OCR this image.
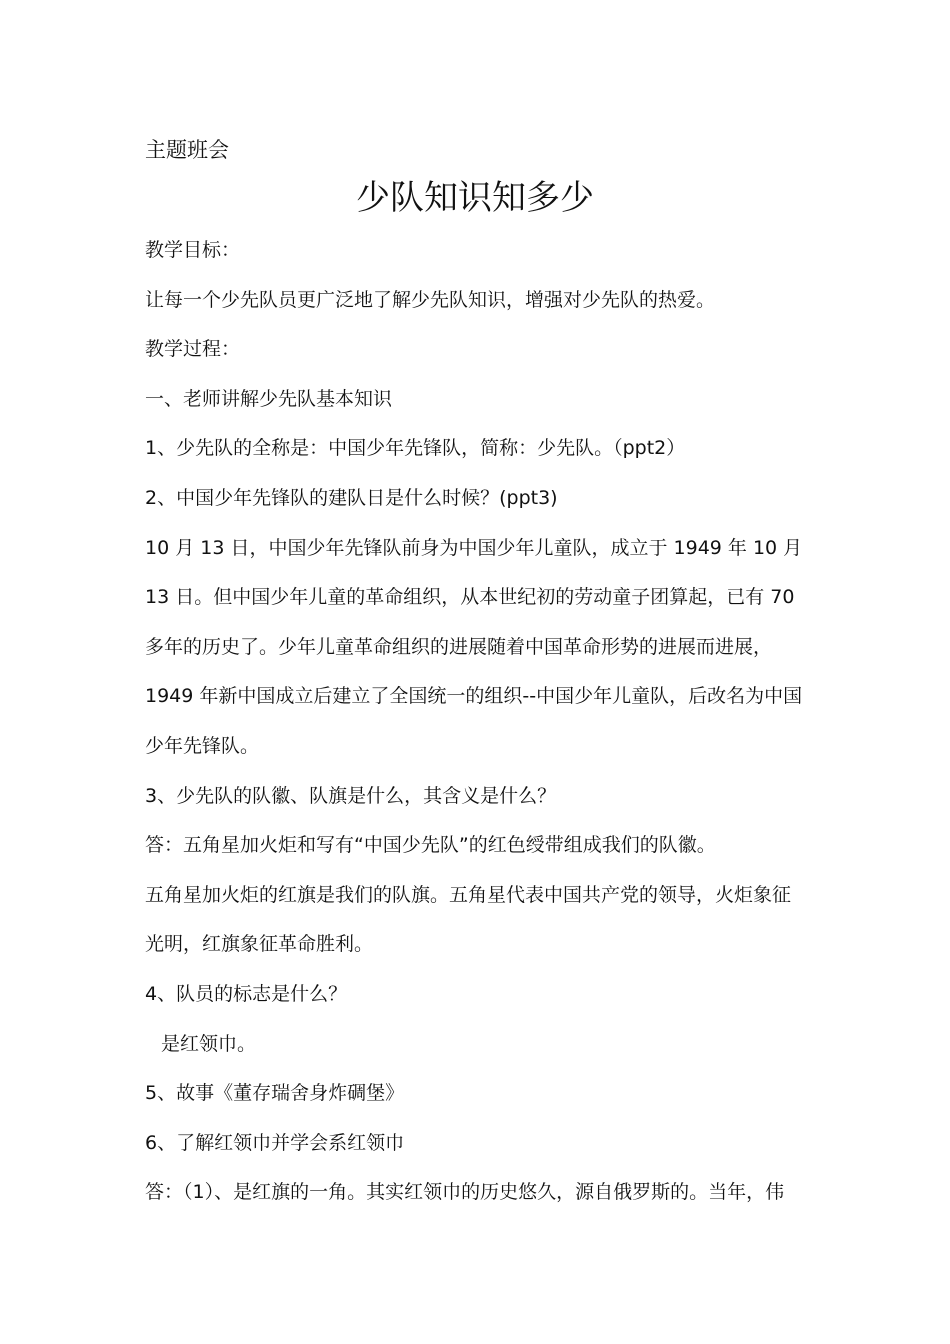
主题班会
少队知识知多少
教学目标：
让每一个少先队员更广泛地了解少先队知识，增强对少先队的热爱。
教学过程：
一、老师讲解少先队基本知识
1、少先队的全称是：中国少年先锋队，简称：少先队。（ppt2）
2、中国少年先锋队的建队日是什么时候？(ppt3)
10 月 13 日，中国少年先锋队前身为中国少年儿童队，成立于 1949 年 10 月
13 日。但中国少年儿童的革命组织，从本世纪初的劳动童子团算起，已有 70
多年的历史了。少年儿童革命组织的进展随着中国革命形势的进展而进展，
1949 年新中国成立后建立了全国统一的组织--中国少年儿童队，后改名为中国
少年先锋队。
3、少先队的队徽、队旗是什么，其含义是什么？
答：五角星加火炬和写有“中国少先队”的红色绶带组成我们的队徽。
五角星加火炬的红旗是我们的队旗。五角星代表中国共产党的领导，火炬象征
光明，红旗象征革命胜利。
4、队员的标志是什么？
是红领巾。
5、故事《董存瑞舍身炸碉堡》
6、了解红领巾并学会系红领巾
答：（1）、是红旗的一角。其实红领巾的历史悠久，源自俄罗斯的。当年，伟
